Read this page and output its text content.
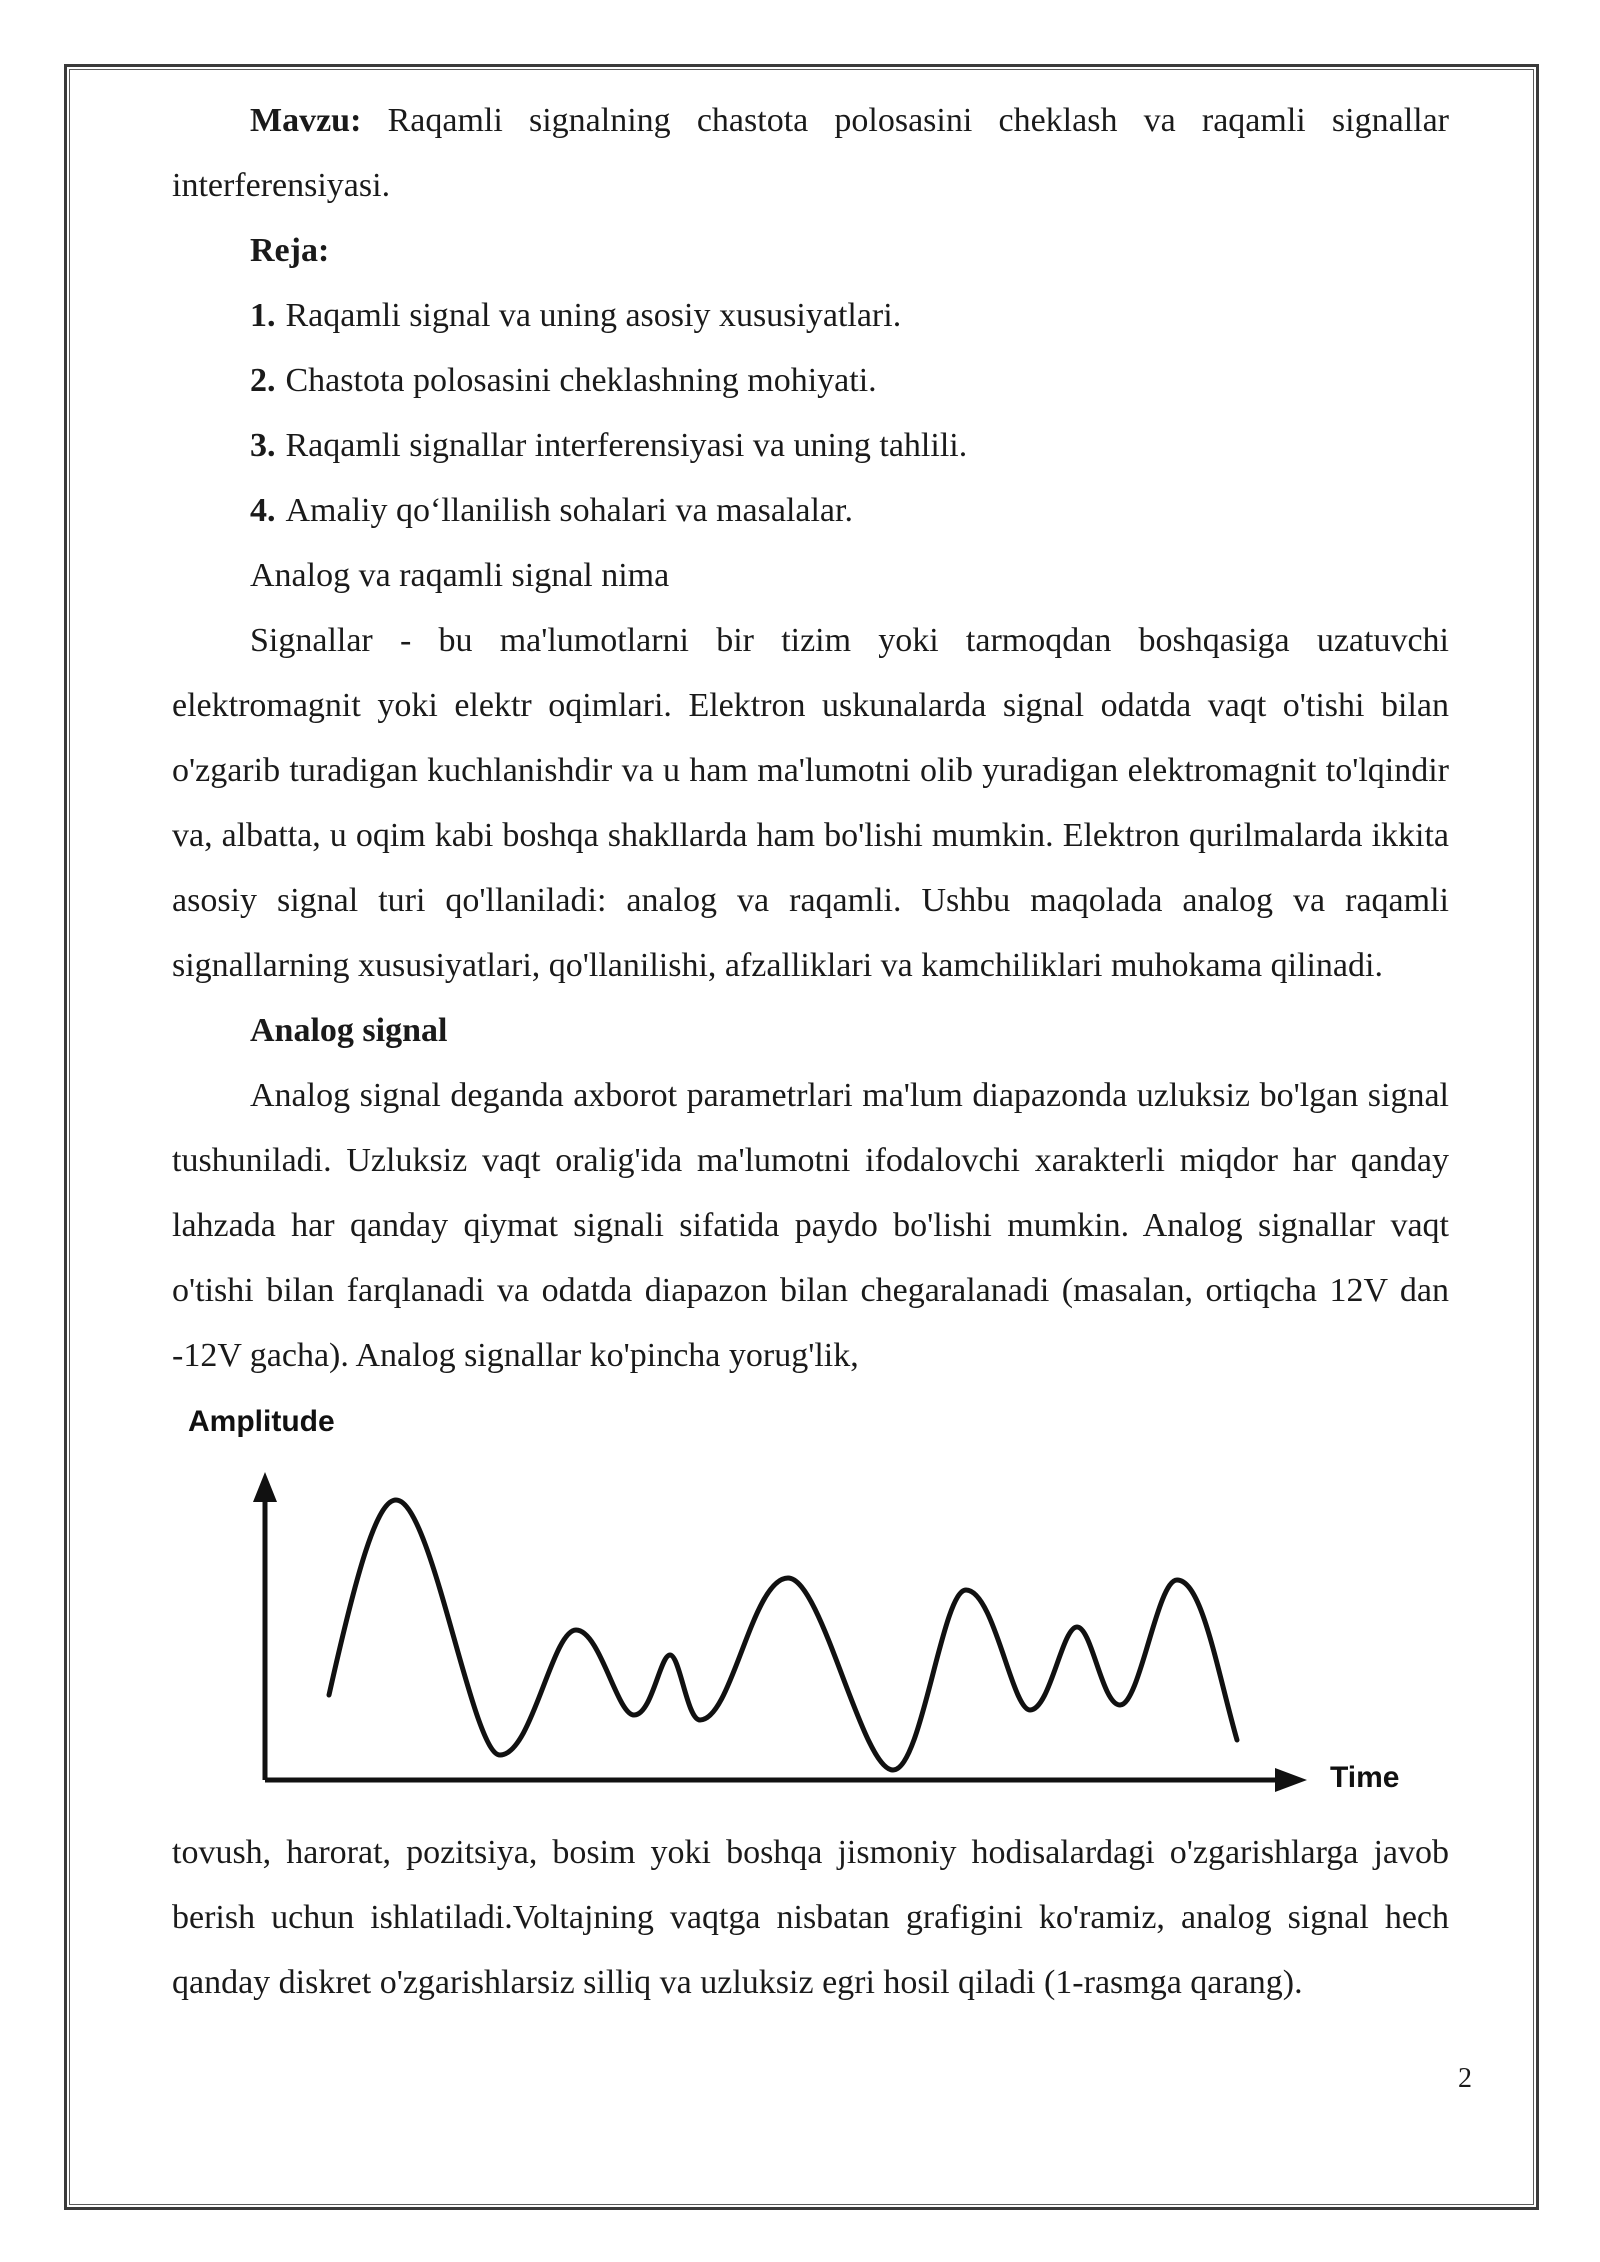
Mavzu: Raqamli signalning chastota polosasini cheklash va raqamli signallar interferensiyasi.

Reja:

1. Raqamli signal va uning asosiy xususiyatlari.

2. Chastota polosasini cheklashning mohiyati.

3. Raqamli signallar interferensiyasi va uning tahlili.

4. Amaliy qo‘llanilish sohalari va masalalar.

Analog va raqamli signal nima

Signallar - bu ma'lumotlarni bir tizim yoki tarmoqdan boshqasiga uzatuvchi elektromagnit yoki elektr oqimlari. Elektron uskunalarda signal odatda vaqt o'tishi bilan o'zgarib turadigan kuchlanishdir va u ham ma'lumotni olib yuradigan elektromagnit to'lqindir va, albatta, u oqim kabi boshqa shakllarda ham bo'lishi mumkin. Elektron qurilmalarda ikkita asosiy signal turi qo'llaniladi: analog va raqamli. Ushbu maqolada analog va raqamli signallarning xususiyatlari, qo'llanilishi, afzalliklari va kamchiliklari muhokama qilinadi.

Analog signal

Analog signal deganda axborot parametrlari ma'lum diapazonda uzluksiz bo'lgan signal tushuniladi. Uzluksiz vaqt oralig'ida ma'lumotni ifodalovchi xarakterli miqdor har qanday lahzada har qanday qiymat signali sifatida paydo bo'lishi mumkin. Analog signallar vaqt o'tishi bilan farqlanadi va odatda diapazon bilan chegaralanadi (masalan, ortiqcha 12V dan -12V gacha). Analog signallar ko'pincha yorug'lik,

Amplitude
Time

tovush, harorat, pozitsiya, bosim yoki boshqa jismoniy hodisalardagi o'zgarishlarga javob berish uchun ishlatiladi.Voltajning vaqtga nisbatan grafigini ko'ramiz, analog signal hech qanday diskret o'zgarishlarsiz silliq va uzluksiz egri hosil qiladi (1-rasmga qarang).

2
